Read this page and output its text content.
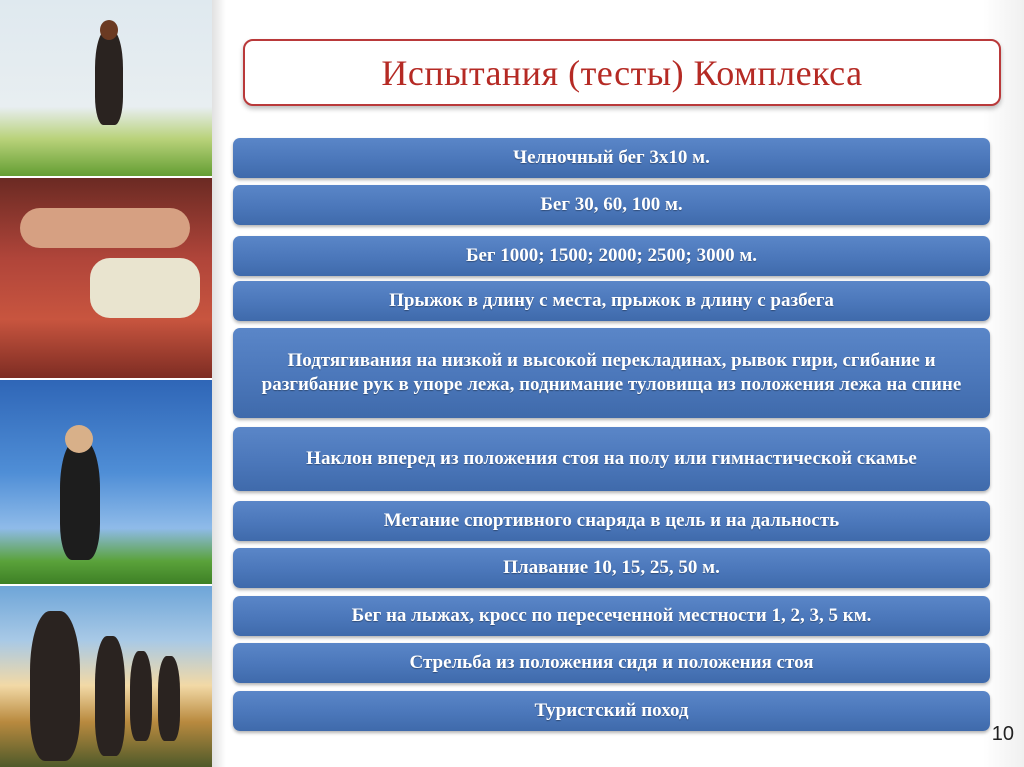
Испытания (тесты) Комплекса
Челночный бег 3х10 м.
Бег 30, 60, 100 м.
Бег 1000; 1500; 2000; 2500; 3000 м.
Прыжок в длину с места, прыжок в длину с разбега
Подтягивания на низкой и высокой перекладинах, рывок гири, сгибание и разгибание рук в упоре лежа, поднимание туловища из положения лежа на спине
Наклон вперед из положения стоя на полу или гимнастической скамье
Метание спортивного снаряда в цель и на дальность
Плавание 10, 15, 25, 50 м.
Бег на лыжах, кросс по пересеченной местности 1, 2, 3, 5 км.
Стрельба из положения сидя и положения стоя
Туристский поход
10
